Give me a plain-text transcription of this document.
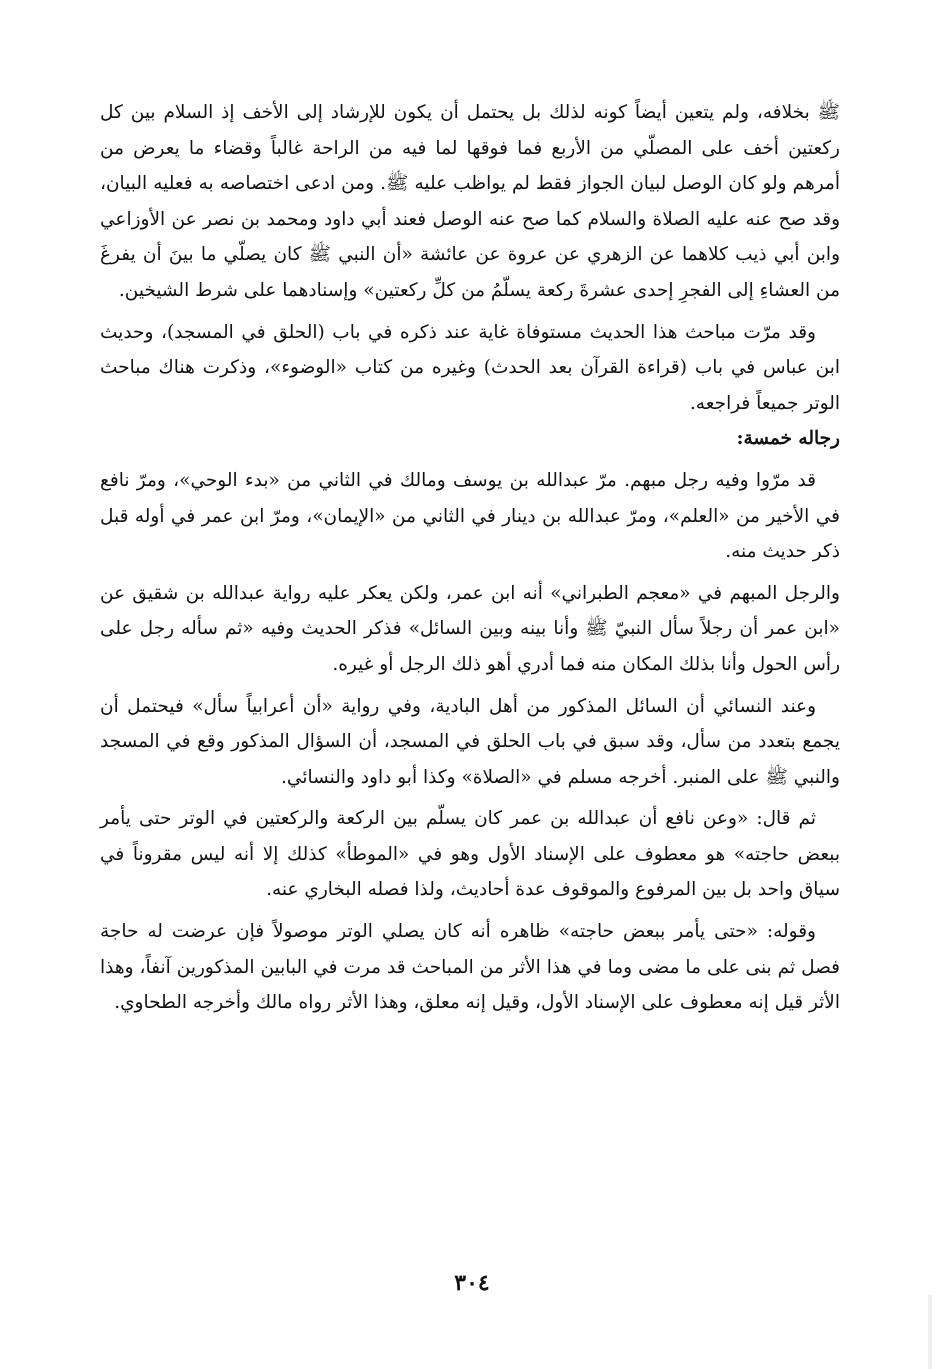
ﷺ بخلافه، ولم يتعين أيضاً كونه لذلك بل يحتمل أن يكون للإرشاد إلى الأخف إذ السلام بين كل ركعتين أخف على المصلّي من الأربع فما فوقها لما فيه من الراحة غالباً وقضاء ما يعرض من أمرهم ولو كان الوصل لبيان الجواز فقط لم يواظب عليه ﷺ. ومن ادعى اختصاصه به فعليه البيان، وقد صح عنه عليه الصلاة والسلام كما صح عنه الوصل فعند أبي داود ومحمد بن نصر عن الأوزاعي وابن أبي ذيب كلاهما عن الزهري عن عروة عن عائشة «أن النبي ﷺ كان يصلّي ما بينَ أن يفرغَ من العشاءِ إلى الفجرِ إحدى عشرةَ ركعة يسلّمُ من كلِّ ركعتين» وإسنادهما على شرط الشيخين.

وقد مرّت مباحث هذا الحديث مستوفاة غاية عند ذكره في باب (الحلق في المسجد)، وحديث ابن عباس في باب (قراءة القرآن بعد الحدث) وغيره من كتاب «الوضوء»، وذكرت هناك مباحث الوتر جميعاً فراجعه.

رجاله خمسة:

قد مرّوا وفيه رجل مبهم. مرّ عبدالله بن يوسف ومالك في الثاني من «بدء الوحي»، ومرّ نافع في الأخير من «العلم»، ومرّ عبدالله بن دينار في الثاني من «الإيمان»، ومرّ ابن عمر في أوله قبل ذكر حديث منه.

والرجل المبهم في «معجم الطبراني» أنه ابن عمر، ولكن يعكر عليه رواية عبدالله بن شقيق عن «ابن عمر أن رجلاً سأل النبيّ ﷺ وأنا بينه وبين السائل» فذكر الحديث وفيه «ثم سأله رجل على رأس الحول وأنا بذلك المكان منه فما أدري أهو ذلك الرجل أو غيره.

وعند النسائي أن السائل المذكور من أهل البادية، وفي رواية «أن أعرابياً سأل» فيحتمل أن يجمع بتعدد من سأل، وقد سبق في باب الحلق في المسجد، أن السؤال المذكور وقع في المسجد والنبي ﷺ على المنبر. أخرجه مسلم في «الصلاة» وكذا أبو داود والنسائي.

ثم قال: «وعن نافع أن عبدالله بن عمر كان يسلّم بين الركعة والركعتين في الوتر حتى يأمر ببعض حاجته» هو معطوف على الإسناد الأول وهو في «الموطأ» كذلك إلا أنه ليس مقروناً في سياق واحد بل بين المرفوع والموقوف عدة أحاديث، ولذا فصله البخاري عنه.

وقوله: «حتى يأمر ببعض حاجته» ظاهره أنه كان يصلي الوتر موصولاً فإن عرضت له حاجة فصل ثم بنى على ما مضى وما في هذا الأثر من المباحث قد مرت في البابين المذكورين آنفاً، وهذا الأثر قيل إنه معطوف على الإسناد الأول، وقيل إنه معلق، وهذا الأثر رواه مالك وأخرجه الطحاوي.

٣٠٤
